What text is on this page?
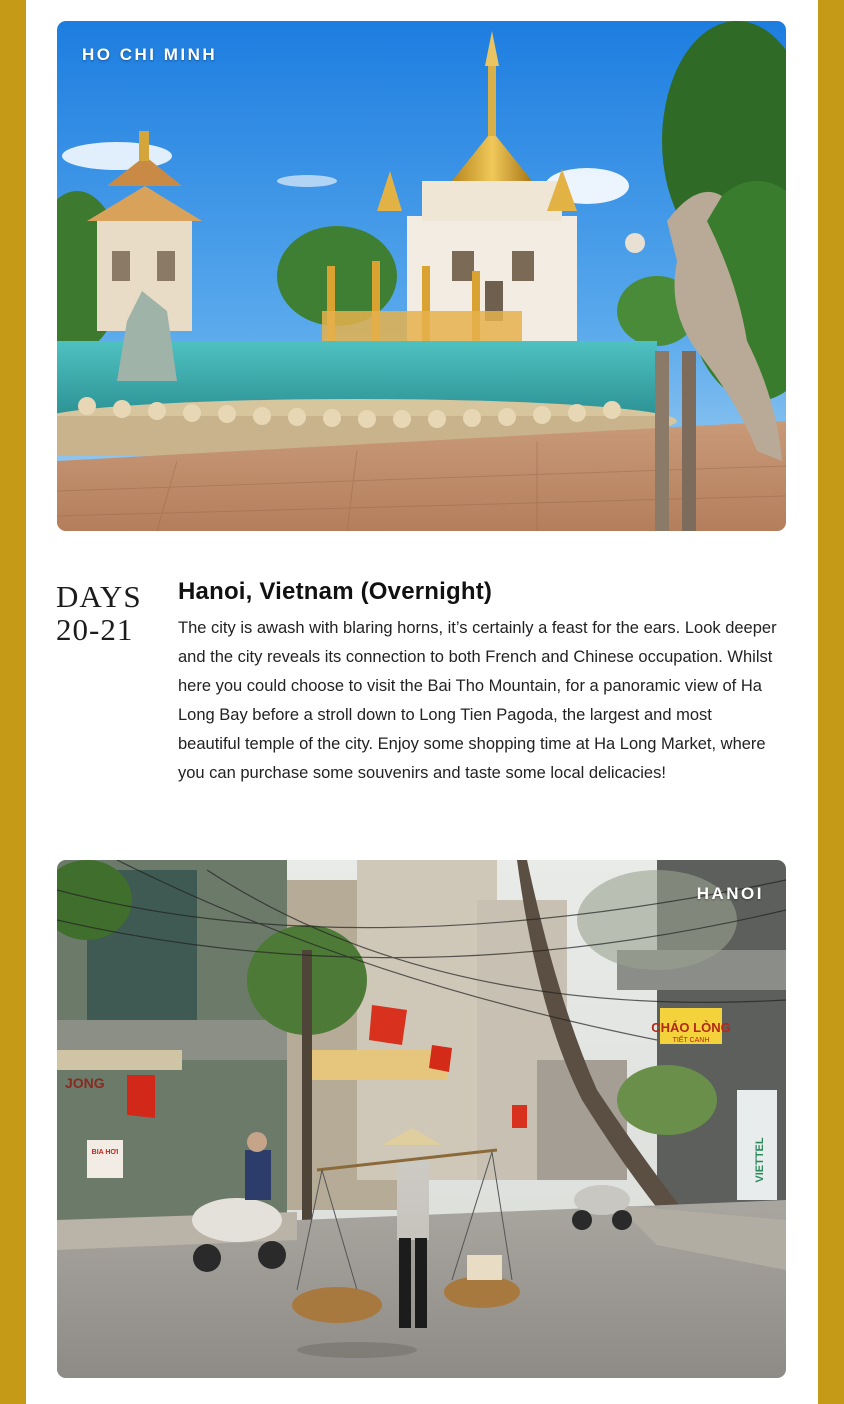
HO CHI MINH
DAYS
20-21
Hanoi, Vietnam (Overnight)
The city is awash with blaring horns, it’s certainly a feast for the ears. Look deeper and the city reveals its connection to both French and Chinese occupation. Whilst here you could choose to visit the Bai Tho Mountain, for a panoramic view of Ha Long Bay before a stroll down to Long Tien Pagoda, the largest and most beautiful temple of the city. Enjoy some shopping time at Ha Long Market, where you can purchase some souvenirs and taste some local delicacies!
CHÁO LÒNG
TIẾT CANH
VIETTEL
JONG
BIA HƠI
HANOI
